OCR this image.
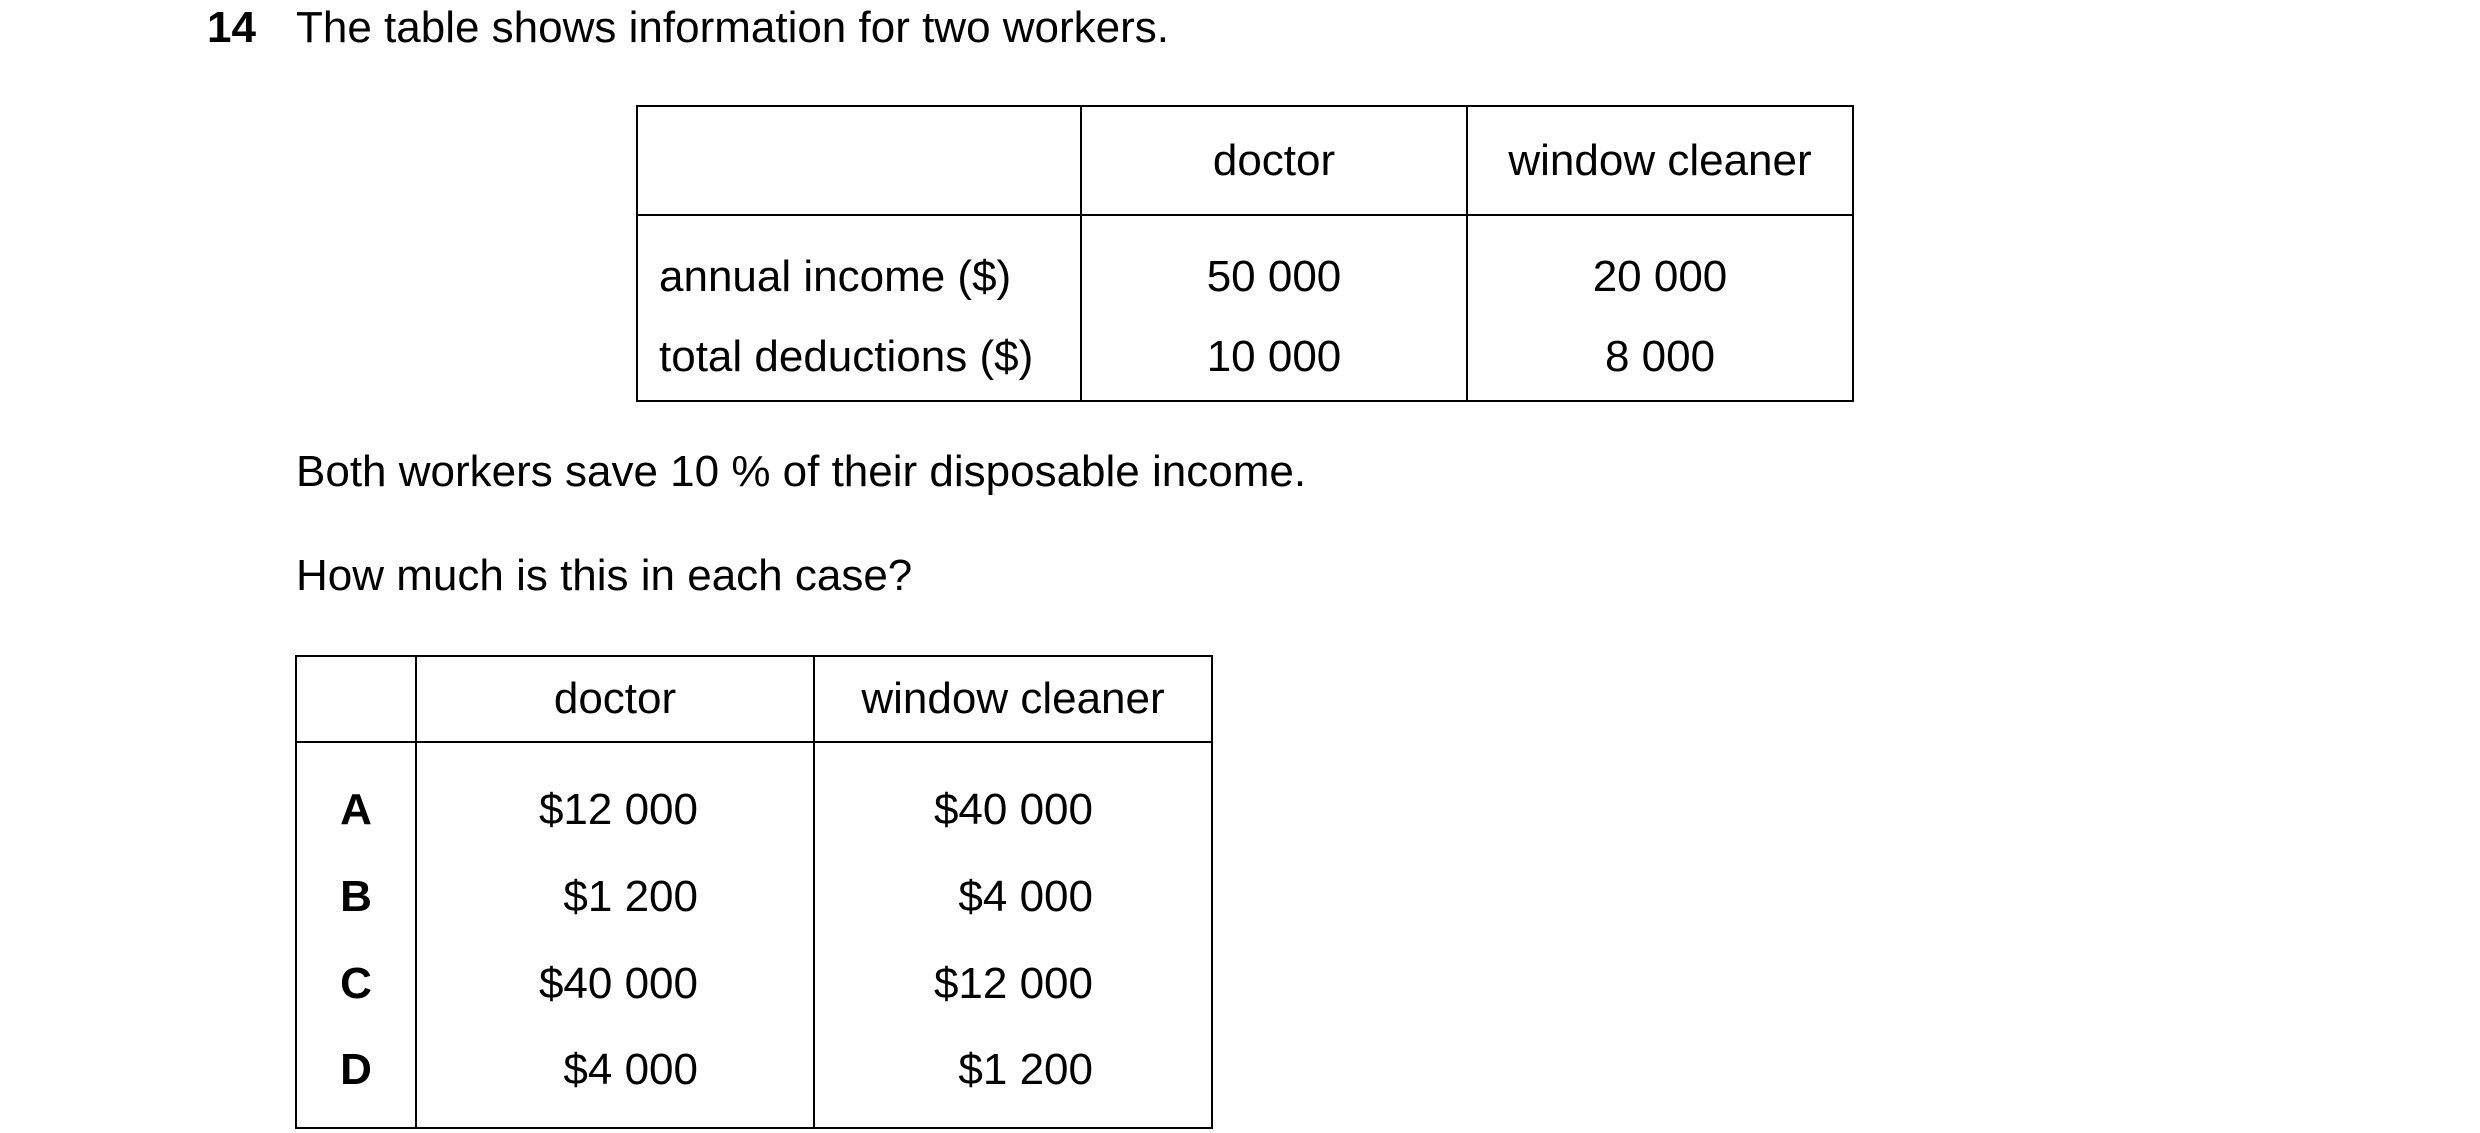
14 The table shows information for two workers.
	doctor	window cleaner
annual income ($)	50 000	20 000
total deductions ($)	10 000	8 000
Both workers save 10 % of their disposable income.
How much is this in each case?
	doctor	window cleaner
A	$12 000	$40 000
B	$1 200	$4 000
C	$40 000	$12 000
D	$4 000	$1 200
